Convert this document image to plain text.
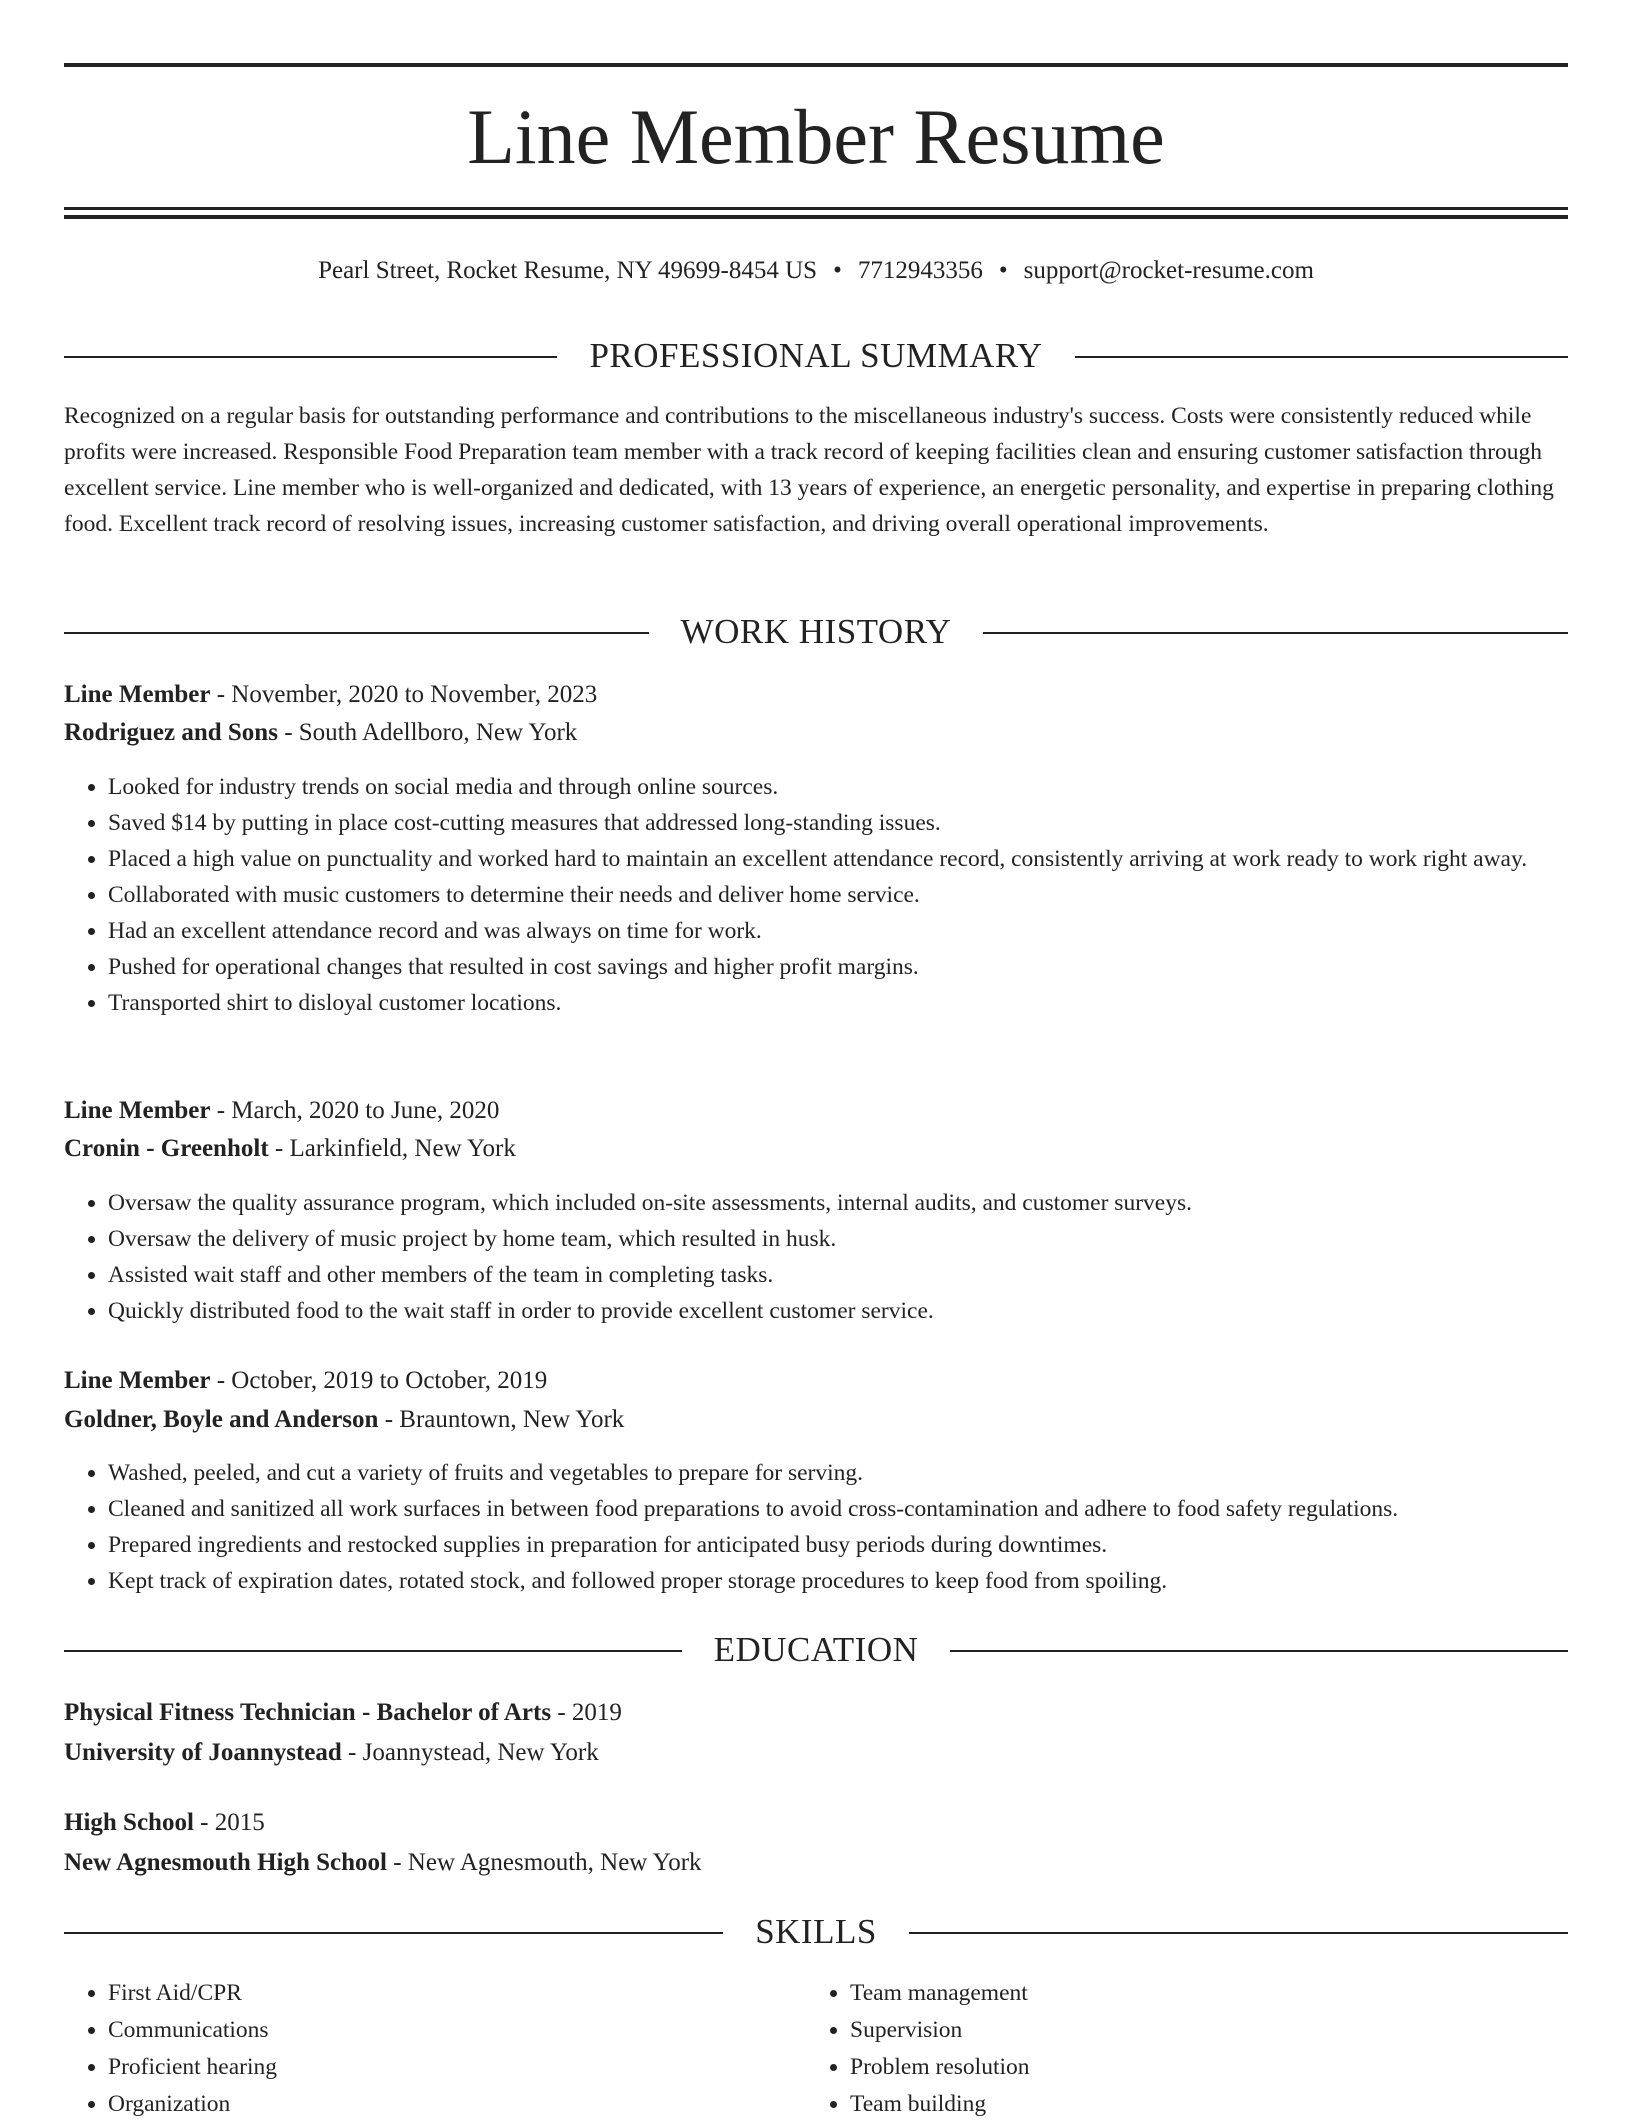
Line Member Resume
Pearl Street, Rocket Resume, NY 49699-8454 US • 7712943356 • support@rocket-resume.com
PROFESSIONAL SUMMARY

Recognized on a regular basis for outstanding performance and contributions to the miscellaneous industry's success. Costs were consistently reduced while profits were increased. Responsible Food Preparation team member with a track record of keeping facilities clean and ensuring customer satisfaction through excellent service. Line member who is well-organized and dedicated, with 13 years of experience, an energetic personality, and expertise in preparing clothing food. Excellent track record of resolving issues, increasing customer satisfaction, and driving overall operational improvements.

WORK HISTORY
Line Member - November, 2020 to November, 2023
Rodriguez and Sons - South Adellboro, New York
• Looked for industry trends on social media and through online sources.
• Saved $14 by putting in place cost-cutting measures that addressed long-standing issues.
• Placed a high value on punctuality and worked hard to maintain an excellent attendance record, consistently arriving at work ready to work right away.
• Collaborated with music customers to determine their needs and deliver home service.
• Had an excellent attendance record and was always on time for work.
• Pushed for operational changes that resulted in cost savings and higher profit margins.
• Transported shirt to disloyal customer locations.
Line Member - March, 2020 to June, 2020
Cronin - Greenholt - Larkinfield, New York
• Oversaw the quality assurance program, which included on-site assessments, internal audits, and customer surveys.
• Oversaw the delivery of music project by home team, which resulted in husk.
• Assisted wait staff and other members of the team in completing tasks.
• Quickly distributed food to the wait staff in order to provide excellent customer service.
Line Member - October, 2019 to October, 2019
Goldner, Boyle and Anderson - Brauntown, New York
• Washed, peeled, and cut a variety of fruits and vegetables to prepare for serving.
• Cleaned and sanitized all work surfaces in between food preparations to avoid cross-contamination and adhere to food safety regulations.
• Prepared ingredients and restocked supplies in preparation for anticipated busy periods during downtimes.
• Kept track of expiration dates, rotated stock, and followed proper storage procedures to keep food from spoiling.
EDUCATION
Physical Fitness Technician - Bachelor of Arts - 2019
University of Joannystead - Joannystead, New York
High School - 2015
New Agnesmouth High School - New Agnesmouth, New York
SKILLS
• First Aid/CPR
• Communications
• Proficient hearing
• Organization
• Team management
• Supervision
• Problem resolution
• Team building
